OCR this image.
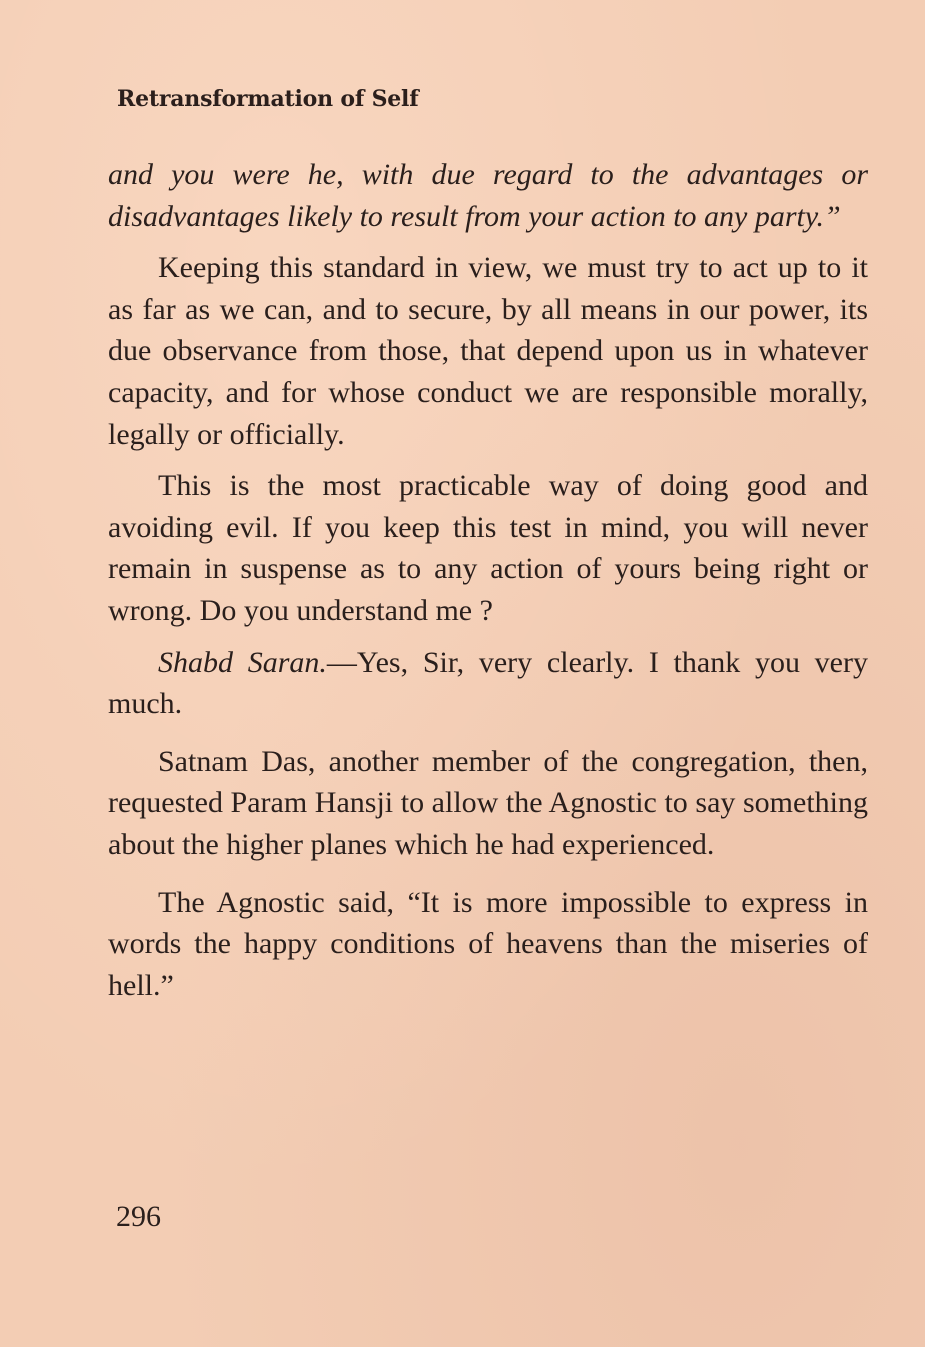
Retransformation of Self

and you were he, with due regard to the advantages or disadvantages likely to result from your action to any party.”

Keeping this standard in view, we must try to act up to it as far as we can, and to secure, by all means in our power, its due observance from those, that depend upon us in whatever capacity, and for whose conduct we are responsible morally, legally or officially.

This is the most practicable way of doing good and avoiding evil. If you keep this test in mind, you will never remain in suspense as to any action of yours being right or wrong. Do you understand me ?

Shabd Saran.—Yes, Sir, very clearly. I thank you very much.

Satnam Das, another member of the congregation, then, requested Param Hansji to allow the Agnostic to say something about the higher planes which he had experienced.

The Agnostic said, “It is more impossible to express in words the happy conditions of heavens than the miseries of hell.”

296
